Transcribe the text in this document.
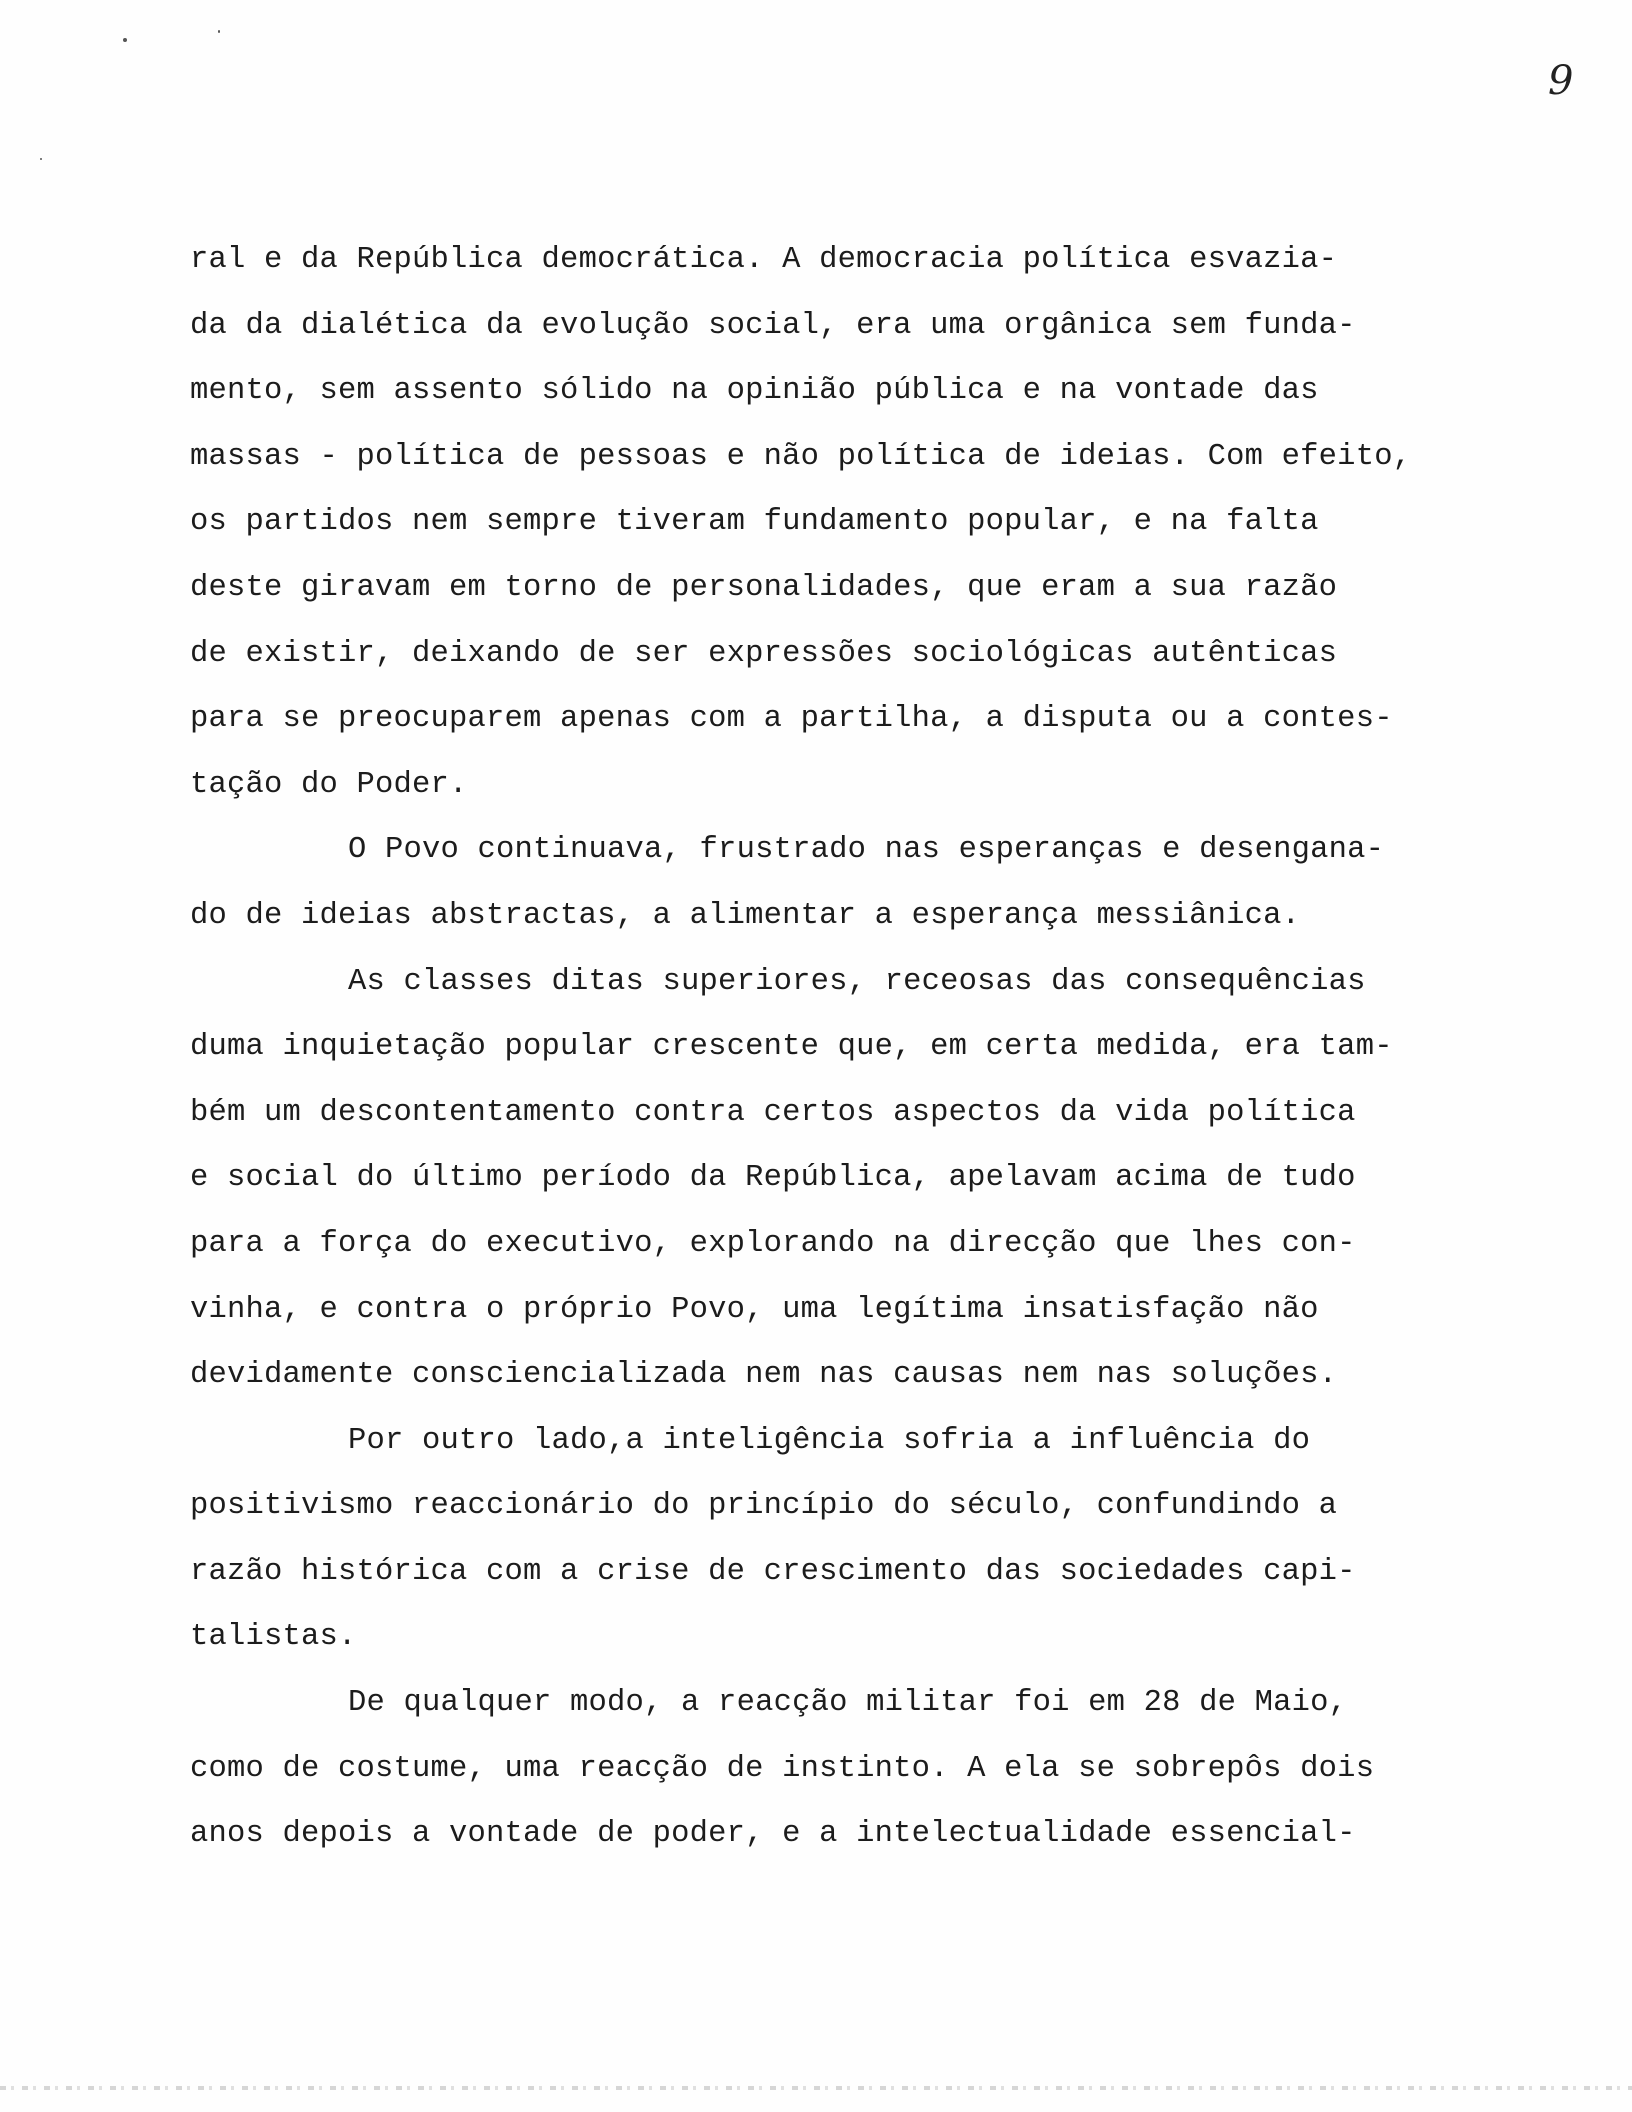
9
ral e da República democrática. A democracia política esvazia-
da da dialética da evolução social, era uma orgânica sem funda-
mento, sem assento sólido na opinião pública e na vontade das
massas - política de pessoas e não política de ideias. Com efeito,
os partidos nem sempre tiveram fundamento popular, e na falta
deste giravam em torno de personalidades, que eram a sua razão
de existir, deixando de ser expressões sociológicas autênticas
para se preocuparem apenas com a partilha, a disputa ou a contes-
tação do Poder.
O Povo continuava, frustrado nas esperanças e desengana-
do de ideias abstractas, a alimentar a esperança messiânica.
As classes ditas superiores, receosas das consequências
duma inquietação popular crescente que, em certa medida, era tam-
bém um descontentamento contra certos aspectos da vida política
e social do último período da República, apelavam acima de tudo
para a força do executivo, explorando na direcção que lhes con-
vinha, e contra o próprio Povo, uma legítima insatisfação não
devidamente consciencializada nem nas causas nem nas soluções.
Por outro lado,a inteligência sofria a influência do
positivismo reaccionário do princípio do século, confundindo a
razão histórica com a crise de crescimento das sociedades capi-
talistas.
De qualquer modo, a reacção militar foi em 28 de Maio,
como de costume, uma reacção de instinto. A ela se sobrepôs dois
anos depois a vontade de poder, e a intelectualidade essencial-
